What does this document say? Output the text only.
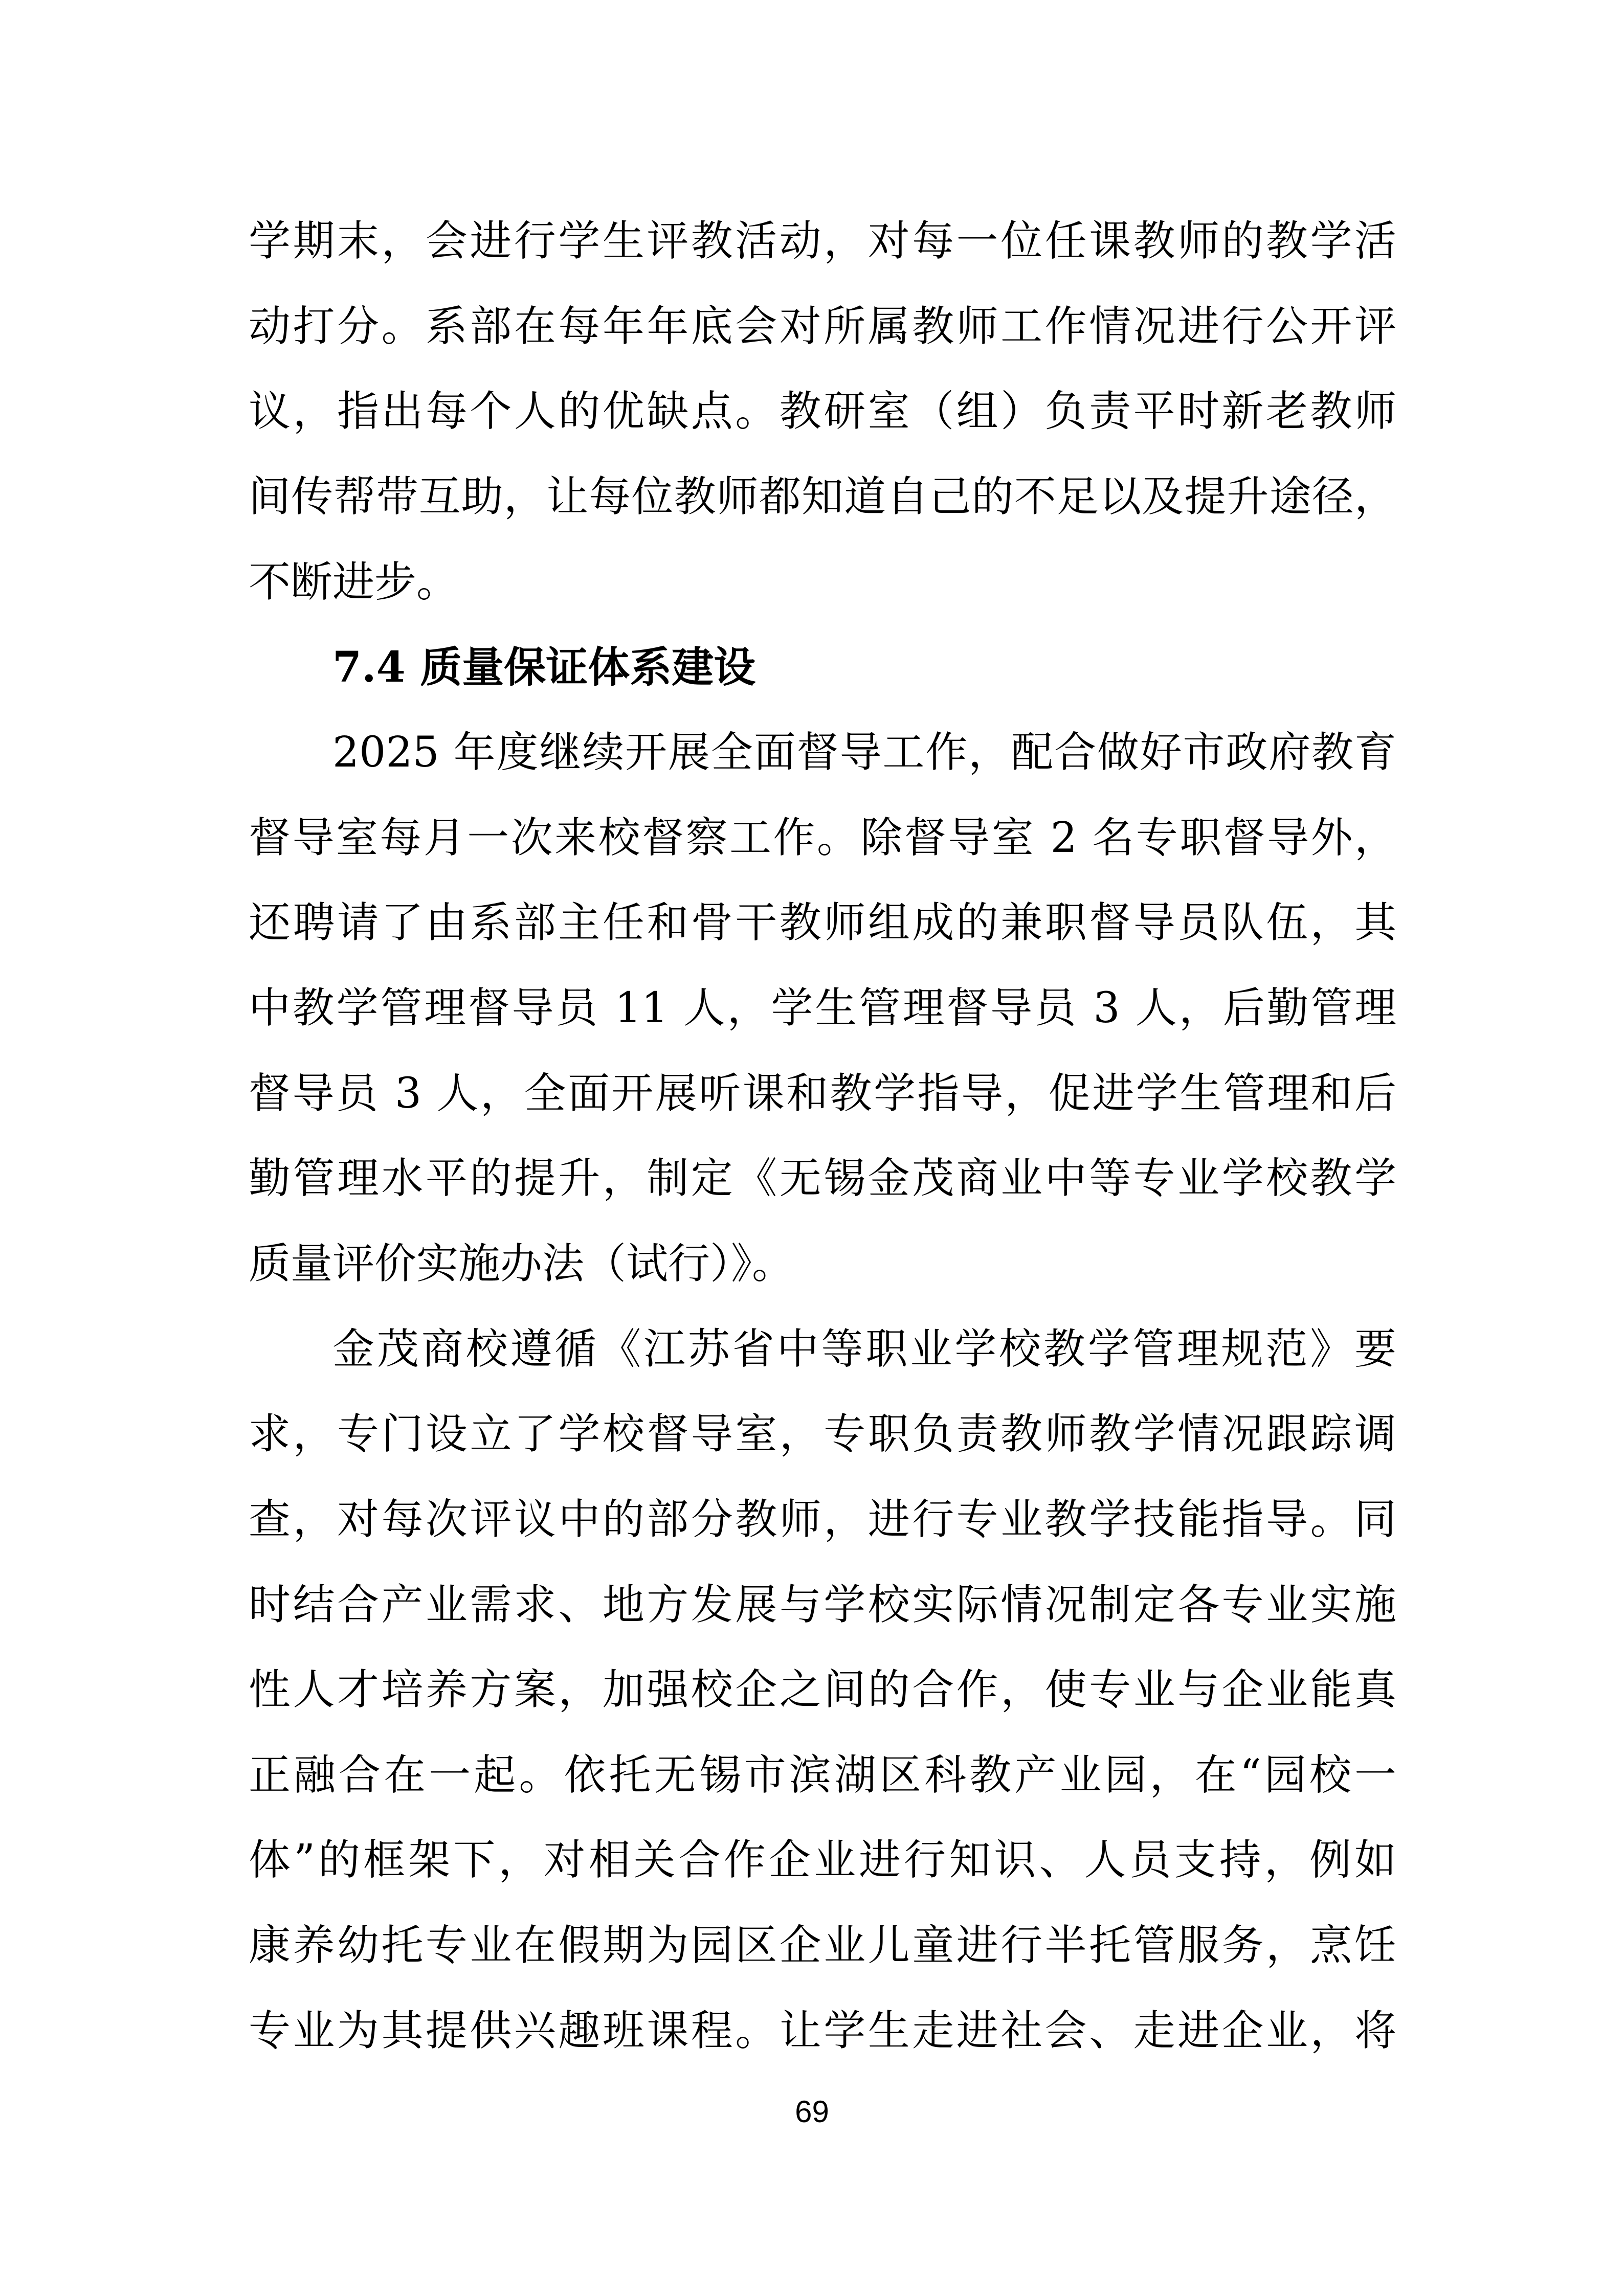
学期末，会进行学生评教活动，对每一位任课教师的教学活
动打分。系部在每年年底会对所属教师工作情况进行公开评
议，指出每个人的优缺点。教研室（组）负责平时新老教师
间传帮带互助，让每位教师都知道自己的不足以及提升途径，
不断进步。
7.4 质量保证体系建设
2025 年度继续开展全面督导工作，配合做好市政府教育
督导室每月一次来校督察工作。除督导室 2 名专职督导外，
还聘请了由系部主任和骨干教师组成的兼职督导员队伍，其
中教学管理督导员 11 人，学生管理督导员 3 人，后勤管理
督导员 3 人，全面开展听课和教学指导，促进学生管理和后
勤管理水平的提升，制定《无锡金茂商业中等专业学校教学
质量评价实施办法（试行）》。
金茂商校遵循《江苏省中等职业学校教学管理规范》要
求，专门设立了学校督导室，专职负责教师教学情况跟踪调
查，对每次评议中的部分教师，进行专业教学技能指导。同
时结合产业需求、地方发展与学校实际情况制定各专业实施
性人才培养方案，加强校企之间的合作，使专业与企业能真
正融合在一起。依托无锡市滨湖区科教产业园，在“园校一
体”的框架下，对相关合作企业进行知识、人员支持，例如
康养幼托专业在假期为园区企业儿童进行半托管服务，烹饪
专业为其提供兴趣班课程。让学生走进社会、走进企业，将
69
